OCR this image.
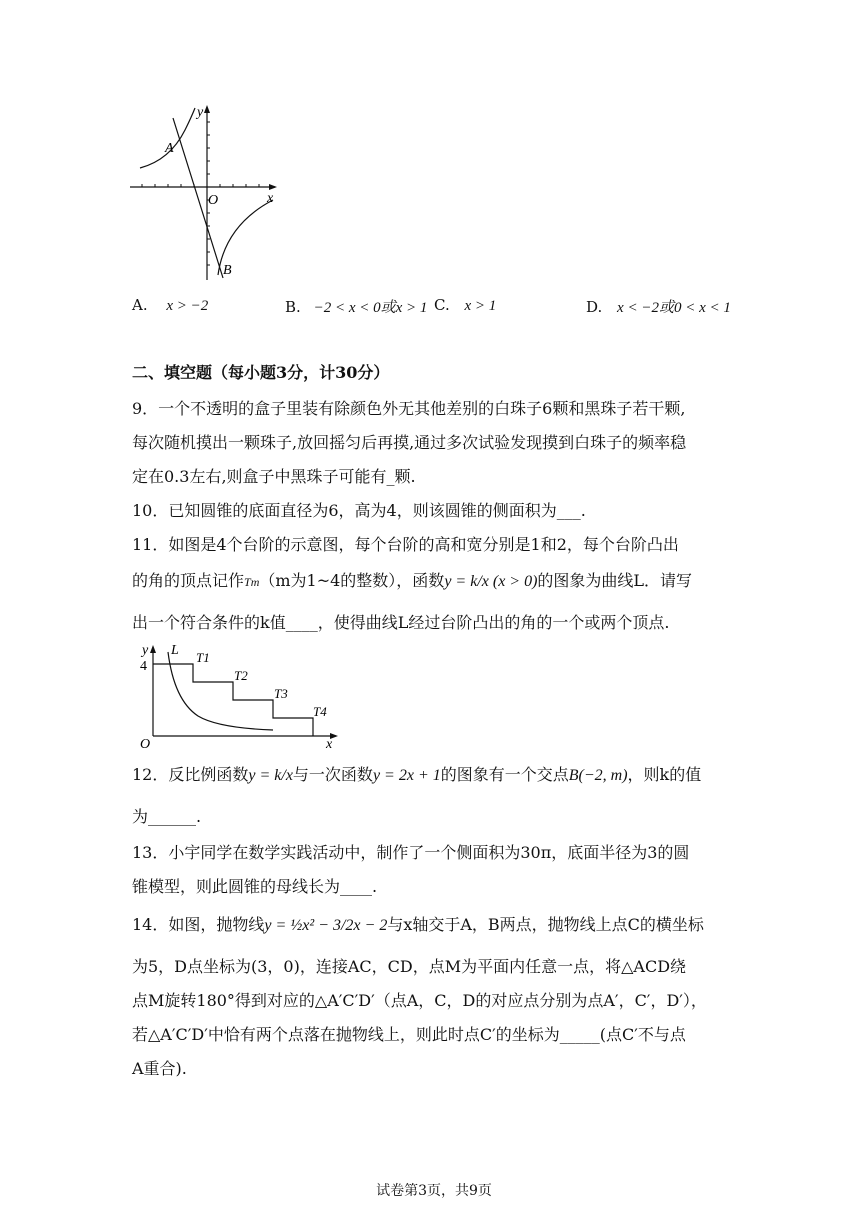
y
x
O
A
B
A. x > −2	B. −2 < x < 0或x > 1 C. x > 1	D. x < −2或0 < x < 1
二、填空题（每小题3分，计30分）
9．一个不透明的盒子里装有除颜色外无其他差别的白珠子6颗和黑珠子若干颗,
每次随机摸出一颗珠子,放回摇匀后再摸,通过多次试验发现摸到白珠子的频率稳
定在0.3左右,则盒子中黑珠子可能有_颗.
10．已知圆锥的底面直径为6，高为4，则该圆锥的侧面积为___.
11．如图是4个台阶的示意图，每个台阶的高和宽分别是1和2，每个台阶凸出
的角的顶点记作Tm（m为1~4的整数），函数y = k/x (x > 0)的图象为曲线L．请写
出一个符合条件的k值____，使得曲线L经过台阶凸出的角的一个或两个顶点.
y
4
O	x
L T1
T2
T3
T4
12．反比例函数y = k/x与一次函数y = 2x + 1的图象有一个交点B(−2, m)，则k的值
为______.
13．小宇同学在数学实践活动中，制作了一个侧面积为30π，底面半径为3的圆
锥模型，则此圆锥的母线长为____.
14．如图，抛物线y = ½x² − 3/2x − 2与x轴交于A，B两点，抛物线上点C的横坐标
为5，D点坐标为(3，0)，连接AC，CD，点M为平面内任意一点，将△ACD绕
点M旋转180°得到对应的△A′C′D′（点A，C，D的对应点分别为点A′，C′，D′），
若△A′C′D′中恰有两个点落在抛物线上，则此时点C′的坐标为_____(点C′不与点
A重合).
试卷第3页，共9页
